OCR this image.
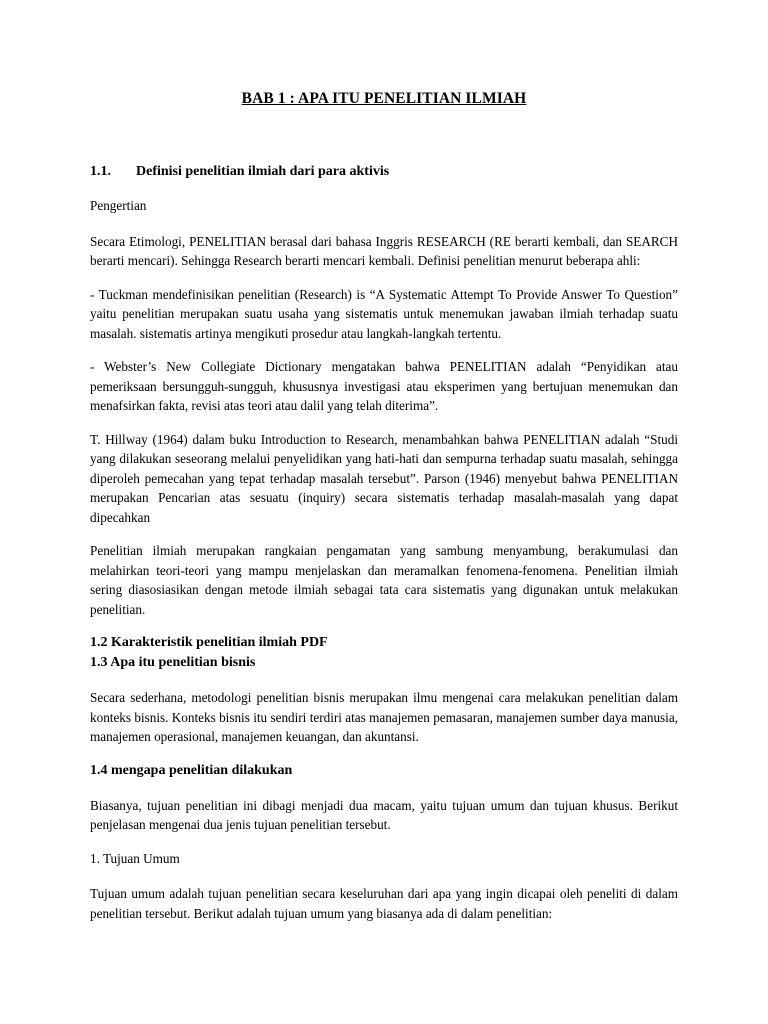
BAB 1 : APA ITU PENELITIAN ILMIAH
1.1. Definisi penelitian ilmiah dari para aktivis

Pengertian

Secara Etimologi, PENELITIAN berasal dari bahasa Inggris RESEARCH (RE berarti kembali, dan SEARCH berarti mencari). Sehingga Research berarti mencari kembali. Definisi penelitian menurut beberapa ahli:

- Tuckman mendefinisikan penelitian (Research) is “A Systematic Attempt To Provide Answer To Question” yaitu penelitian merupakan suatu usaha yang sistematis untuk menemukan jawaban ilmiah terhadap suatu masalah. sistematis artinya mengikuti prosedur atau langkah-langkah tertentu.

- Webster’s New Collegiate Dictionary mengatakan bahwa PENELITIAN adalah “Penyidikan atau pemeriksaan bersungguh-sungguh, khususnya investigasi atau eksperimen yang bertujuan menemukan dan menafsirkan fakta, revisi atas teori atau dalil yang telah diterima”.

T. Hillway (1964) dalam buku Introduction to Research, menambahkan bahwa PENELITIAN adalah “Studi yang dilakukan seseorang melalui penyelidikan yang hati-hati dan sempurna terhadap suatu masalah, sehingga diperoleh pemecahan yang tepat terhadap masalah tersebut”. Parson (1946) menyebut bahwa PENELITIAN merupakan Pencarian atas sesuatu (inquiry) secara sistematis terhadap masalah-masalah yang dapat dipecahkan

Penelitian ilmiah merupakan rangkaian pengamatan yang sambung menyambung, berakumulasi dan melahirkan teori-teori yang mampu menjelaskan dan meramalkan fenomena-fenomena. Penelitian ilmiah sering diasosiasikan dengan metode ilmiah sebagai tata cara sistematis yang digunakan untuk melakukan penelitian.

1.2 Karakteristik penelitian ilmiah PDF
1.3 Apa itu penelitian bisnis

Secara sederhana, metodologi penelitian bisnis merupakan ilmu mengenai cara melakukan penelitian dalam konteks bisnis. Konteks bisnis itu sendiri terdiri atas manajemen pemasaran, manajemen sumber daya manusia, manajemen operasional, manajemen keuangan, dan akuntansi.

1.4 mengapa penelitian dilakukan

Biasanya, tujuan penelitian ini dibagi menjadi dua macam, yaitu tujuan umum dan tujuan khusus. Berikut penjelasan mengenai dua jenis tujuan penelitian tersebut.

1. Tujuan Umum

Tujuan umum adalah tujuan penelitian secara keseluruhan dari apa yang ingin dicapai oleh peneliti di dalam penelitian tersebut. Berikut adalah tujuan umum yang biasanya ada di dalam penelitian:
